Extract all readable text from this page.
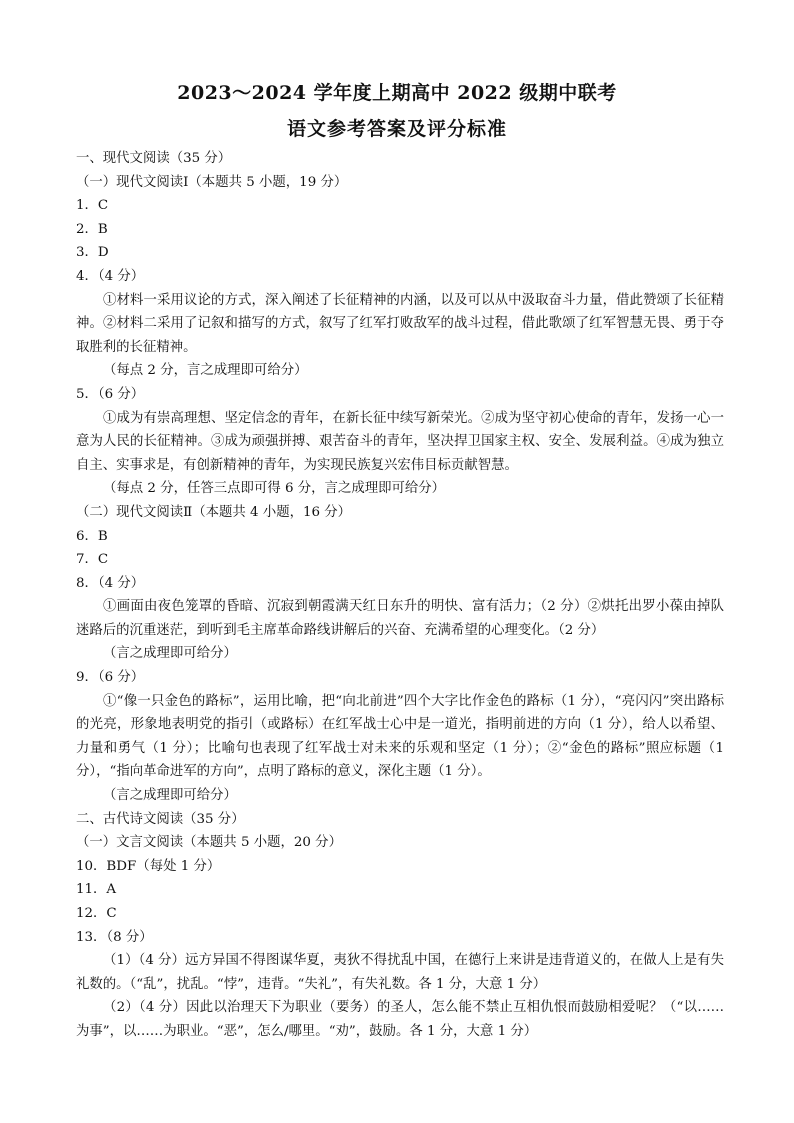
2023～2024 学年度上期高中 2022 级期中联考
语文参考答案及评分标准
一、现代文阅读（35 分）
（一）现代文阅读Ⅰ（本题共 5 小题，19 分）
1．C
2．B
3．D
4．（4 分）

①材料一采用议论的方式，深入阐述了长征精神的内涵，以及可以从中汲取奋斗力量，借此赞颂了长征精神。②材料二采用了记叙和描写的方式，叙写了红军打败敌军的战斗过程，借此歌颂了红军智慧无畏、勇于夺取胜利的长征精神。

（每点 2 分，言之成理即可给分）
5．（6 分）

①成为有崇高理想、坚定信念的青年，在新长征中续写新荣光。②成为坚守初心使命的青年，发扬一心一意为人民的长征精神。③成为顽强拼搏、艰苦奋斗的青年，坚决捍卫国家主权、安全、发展利益。④成为独立自主、实事求是，有创新精神的青年，为实现民族复兴宏伟目标贡献智慧。

（每点 2 分，任答三点即可得 6 分，言之成理即可给分）
（二）现代文阅读Ⅱ（本题共 4 小题，16 分）
6．B
7．C
8．（4 分）

①画面由夜色笼罩的昏暗、沉寂到朝霞满天红日东升的明快、富有活力；（2 分）②烘托出罗小葆由掉队迷路后的沉重迷茫，到听到毛主席革命路线讲解后的兴奋、充满希望的心理变化。（2 分）

（言之成理即可给分）
9．（6 分）

①“像一只金色的路标”，运用比喻，把“向北前进”四个大字比作金色的路标（1 分），“亮闪闪”突出路标的光亮，形象地表明党的指引（或路标）在红军战士心中是一道光，指明前进的方向（1 分），给人以希望、力量和勇气（1 分）；比喻句也表现了红军战士对未来的乐观和坚定（1 分）；②“金色的路标”照应标题（1 分），“指向革命进军的方向”，点明了路标的意义，深化主题（1 分）。

（言之成理即可给分）
二、古代诗文阅读（35 分）
（一）文言文阅读（本题共 5 小题，20 分）
10．BDF（每处 1 分）
11．A
12．C
13．（8 分）

（1）（4 分）远方异国不得图谋华夏，夷狄不得扰乱中国，在德行上来讲是违背道义的，在做人上是有失礼数的。（“乱”，扰乱。“悖”，违背。“失礼”，有失礼数。各 1 分，大意 1 分）

（2）（4 分）因此以治理天下为职业（要务）的圣人，怎么能不禁止互相仇恨而鼓励相爱呢？（“以……为事”，以……为职业。“恶”，怎么/哪里。“劝”，鼓励。各 1 分，大意 1 分）
